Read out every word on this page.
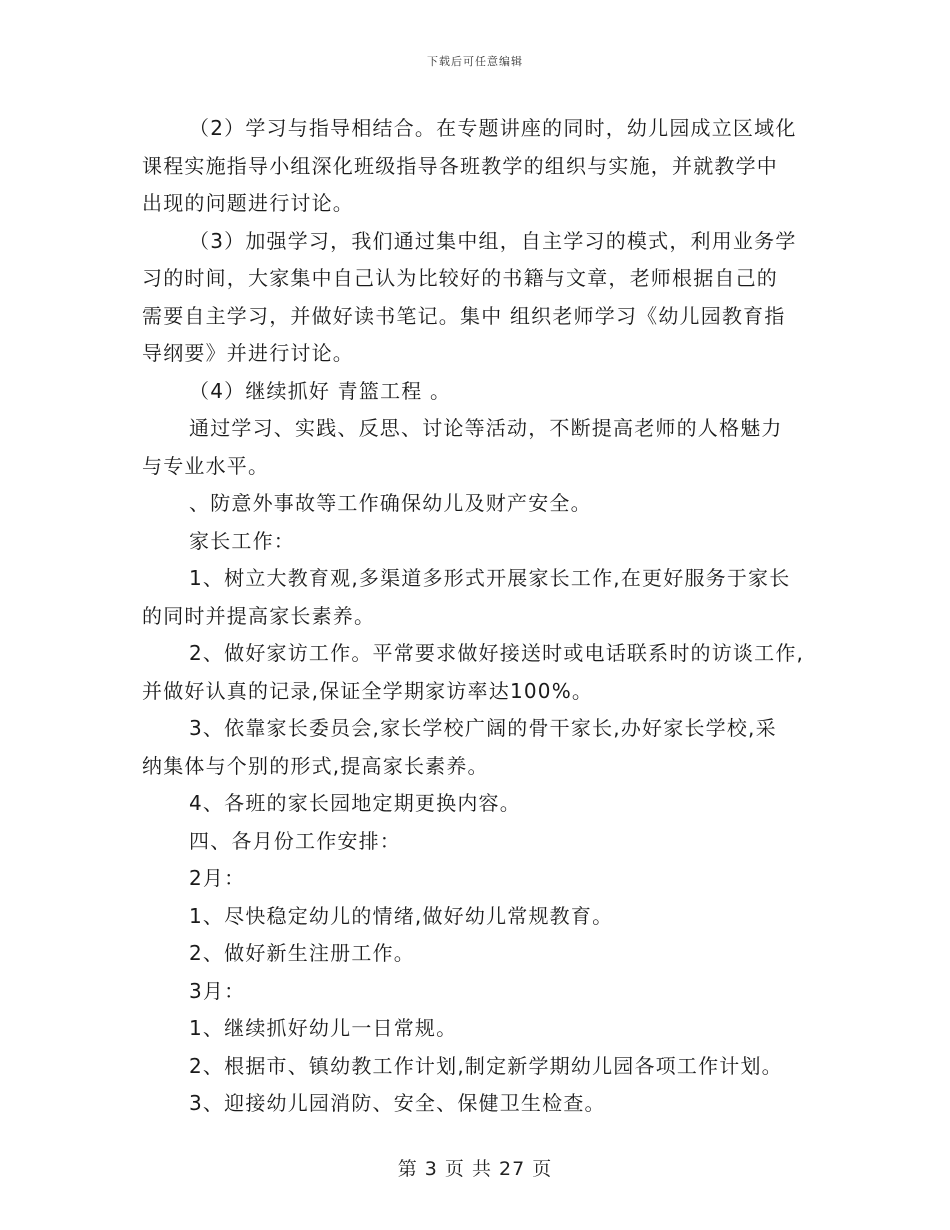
下载后可任意编辑
（2）学习与指导相结合。在专题讲座的同时，幼儿园成立区域化
课程实施指导小组深化班级指导各班教学的组织与实施，并就教学中
出现的问题进行讨论。
（3）加强学习，我们通过集中组，自主学习的模式，利用业务学
习的时间，大家集中自己认为比较好的书籍与文章，老师根据自己的
需要自主学习，并做好读书笔记。集中 组织老师学习《幼儿园教育指
导纲要》并进行讨论。
（4）继续抓好 青篮工程 。
通过学习、实践、反思、讨论等活动，不断提高老师的人格魅力
与专业水平。
、防意外事故等工作确保幼儿及财产安全。
家长工作：
1、树立大教育观,多渠道多形式开展家长工作,在更好服务于家长
的同时并提高家长素养。
2、做好家访工作。平常要求做好接送时或电话联系时的访谈工作,
并做好认真的记录,保证全学期家访率达100%。
3、依靠家长委员会,家长学校广阔的骨干家长,办好家长学校,采
纳集体与个别的形式,提高家长素养。
4、各班的家长园地定期更换内容。
四、各月份工作安排：
2月：
1、尽快稳定幼儿的情绪,做好幼儿常规教育。
2、做好新生注册工作。
3月：
1、继续抓好幼儿一日常规。
2、根据市、镇幼教工作计划,制定新学期幼儿园各项工作计划。
3、迎接幼儿园消防、安全、保健卫生检查。
第 3 页 共 27 页
